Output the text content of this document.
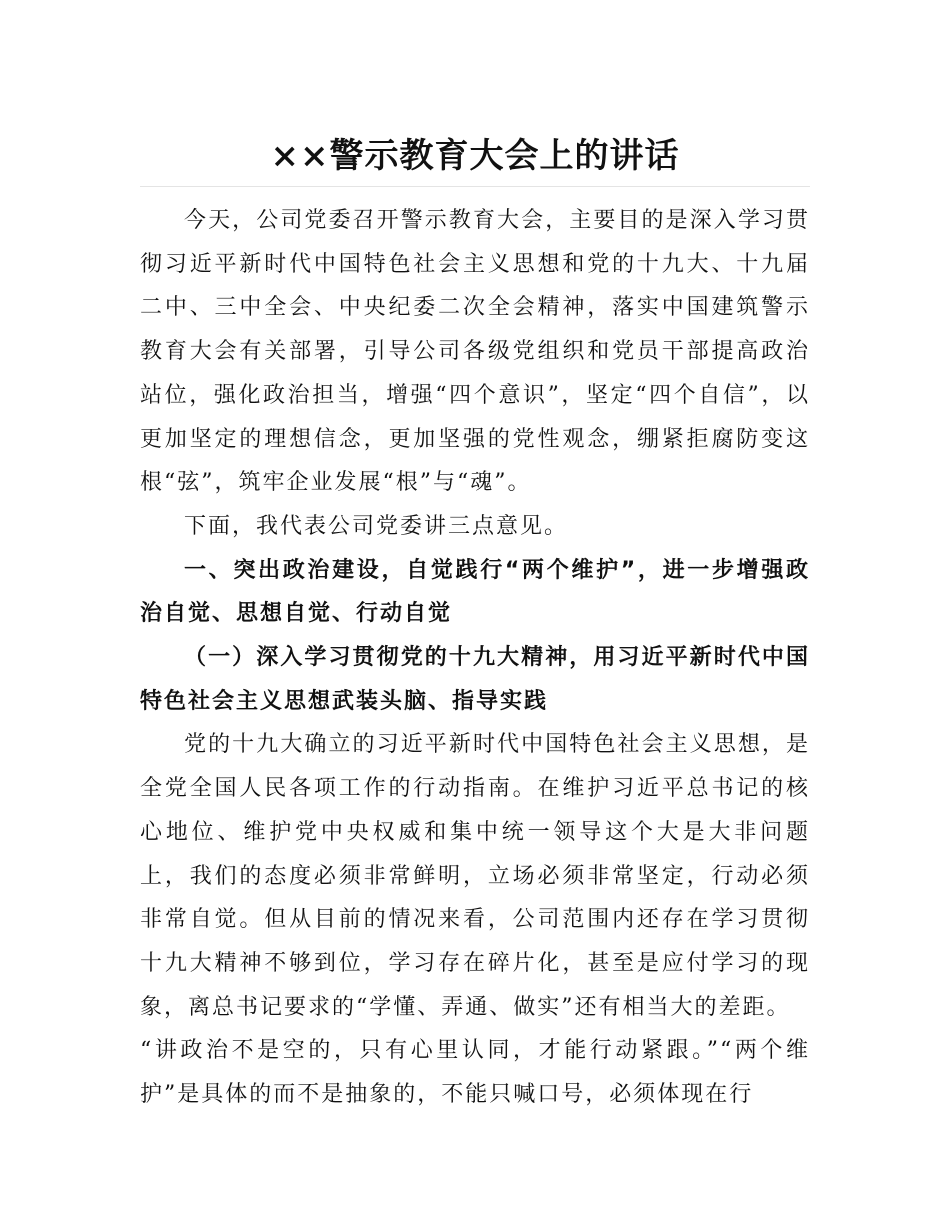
××警示教育大会上的讲话

今天，公司党委召开警示教育大会，主要目的是深入学习贯彻习近平新时代中国特色社会主义思想和党的十九大、十九届二中、三中全会、中央纪委二次全会精神，落实中国建筑警示教育大会有关部署，引导公司各级党组织和党员干部提高政治站位，强化政治担当，增强“四个意识”，坚定“四个自信”，以更加坚定的理想信念，更加坚强的党性观念，绷紧拒腐防变这根“弦”，筑牢企业发展“根”与“魂”。

下面，我代表公司党委讲三点意见。

一、突出政治建设，自觉践行“两个维护”，进一步增强政治自觉、思想自觉、行动自觉

（一）深入学习贯彻党的十九大精神，用习近平新时代中国特色社会主义思想武装头脑、指导实践

党的十九大确立的习近平新时代中国特色社会主义思想，是全党全国人民各项工作的行动指南。在维护习近平总书记的核心地位、维护党中央权威和集中统一领导这个大是大非问题上，我们的态度必须非常鲜明，立场必须非常坚定，行动必须非常自觉。但从目前的情况来看，公司范围内还存在学习贯彻十九大精神不够到位，学习存在碎片化，甚至是应付学习的现象，离总书记要求的“学懂、弄通、做实”还有相当大的差距。

“讲政治不是空的，只有心里认同，才能行动紧跟。”“两个维护”是具体的而不是抽象的，不能只喊口号，必须体现在行
